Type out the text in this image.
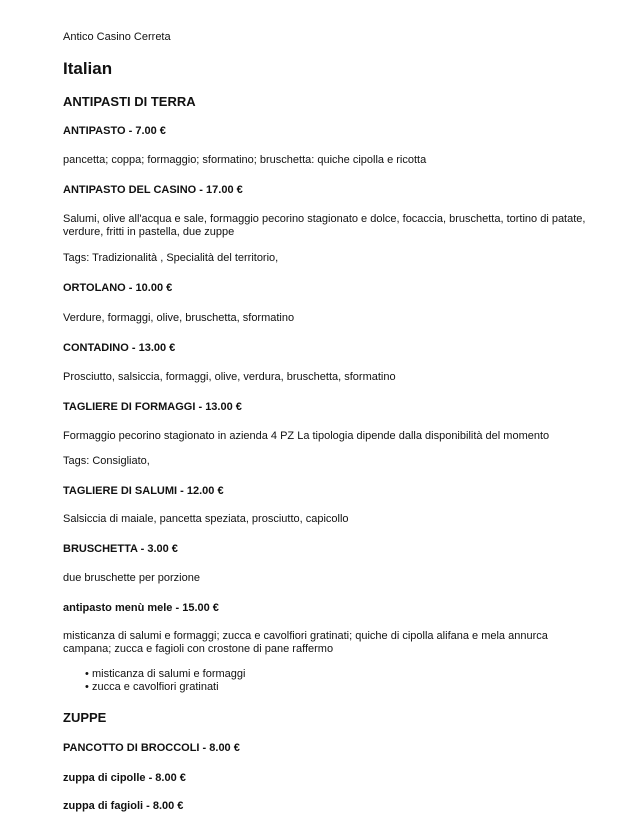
Antico Casino Cerreta

Italian
ANTIPASTI DI TERRA
ANTIPASTO - 7.00 €

pancetta; coppa; formaggio; sformatino; bruschetta: quiche cipolla e ricotta

ANTIPASTO DEL CASINO - 17.00 €

Salumi, olive all'acqua e sale, formaggio pecorino stagionato e dolce, focaccia, bruschetta, tortino di patate, verdure, fritti in pastella, due zuppe

Tags: Tradizionalità , Specialità del territorio,

ORTOLANO - 10.00 €

Verdure, formaggi, olive, bruschetta, sformatino

CONTADINO - 13.00 €

Prosciutto, salsiccia, formaggi, olive, verdura, bruschetta, sformatino

TAGLIERE DI FORMAGGI - 13.00 €

Formaggio pecorino stagionato in azienda 4 PZ La tipologia dipende dalla disponibilità del momento

Tags: Consigliato,

TAGLIERE DI SALUMI - 12.00 €

Salsiccia di maiale, pancetta speziata, prosciutto, capicollo

BRUSCHETTA - 3.00 €

due bruschette per porzione

antipasto menù mele - 15.00 €

misticanza di salumi e formaggi; zucca e cavolfiori gratinati; quiche di cipolla alifana e mela annurca campana; zucca e fagioli con crostone di pane raffermo

• misticanza di salumi e formaggi
• zucca e cavolfiori gratinati
ZUPPE
PANCOTTO DI BROCCOLI - 8.00 €
zuppa di cipolle - 8.00 €
zuppa di fagioli - 8.00 €
